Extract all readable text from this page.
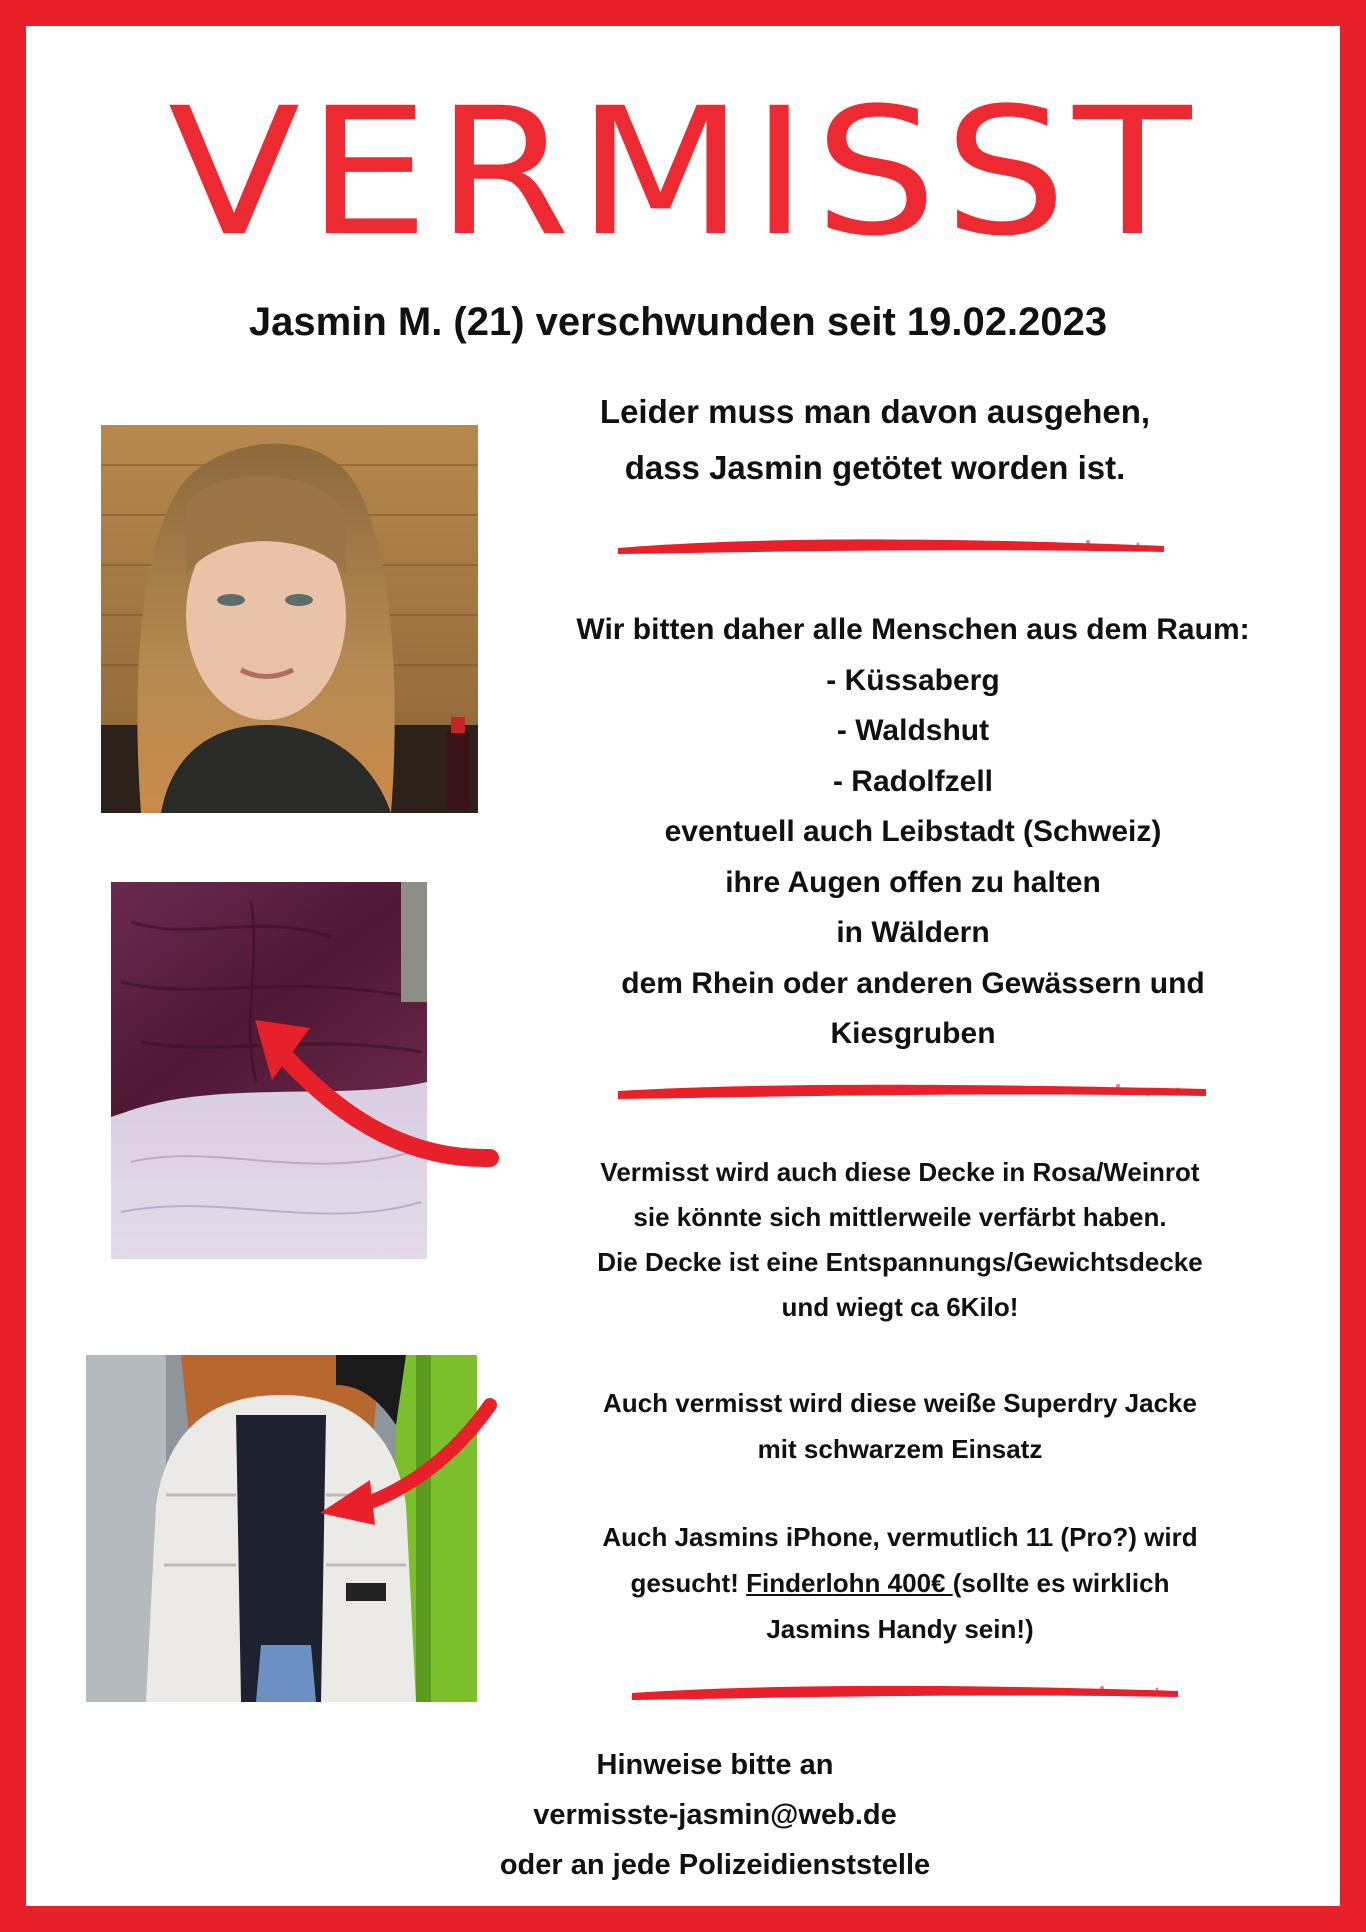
VERMISST

Jasmin M. (21) verschwunden seit 19.02.2023

Leider muss man davon ausgehen,
dass Jasmin getötet worden ist.
Wir bitten daher alle Menschen aus dem Raum:
- Küssaberg
- Waldshut
- Radolfzell
eventuell auch Leibstadt (Schweiz)
ihre Augen offen zu halten
in Wäldern
dem Rhein oder anderen Gewässern und
Kiesgruben
Vermisst wird auch diese Decke in Rosa/Weinrot
sie könnte sich mittlerweile verfärbt haben.
Die Decke ist eine Entspannungs/Gewichtsdecke
und wiegt ca 6Kilo!
Auch vermisst wird diese weiße Superdry Jacke
mit schwarzem Einsatz
Auch Jasmins iPhone, vermutlich 11 (Pro?) wird
gesucht! Finderlohn 400€ (sollte es wirklich
Jasmins Handy sein!)
Hinweise bitte an
vermisste-jasmin@web.de
oder an jede Polizeidienststelle
